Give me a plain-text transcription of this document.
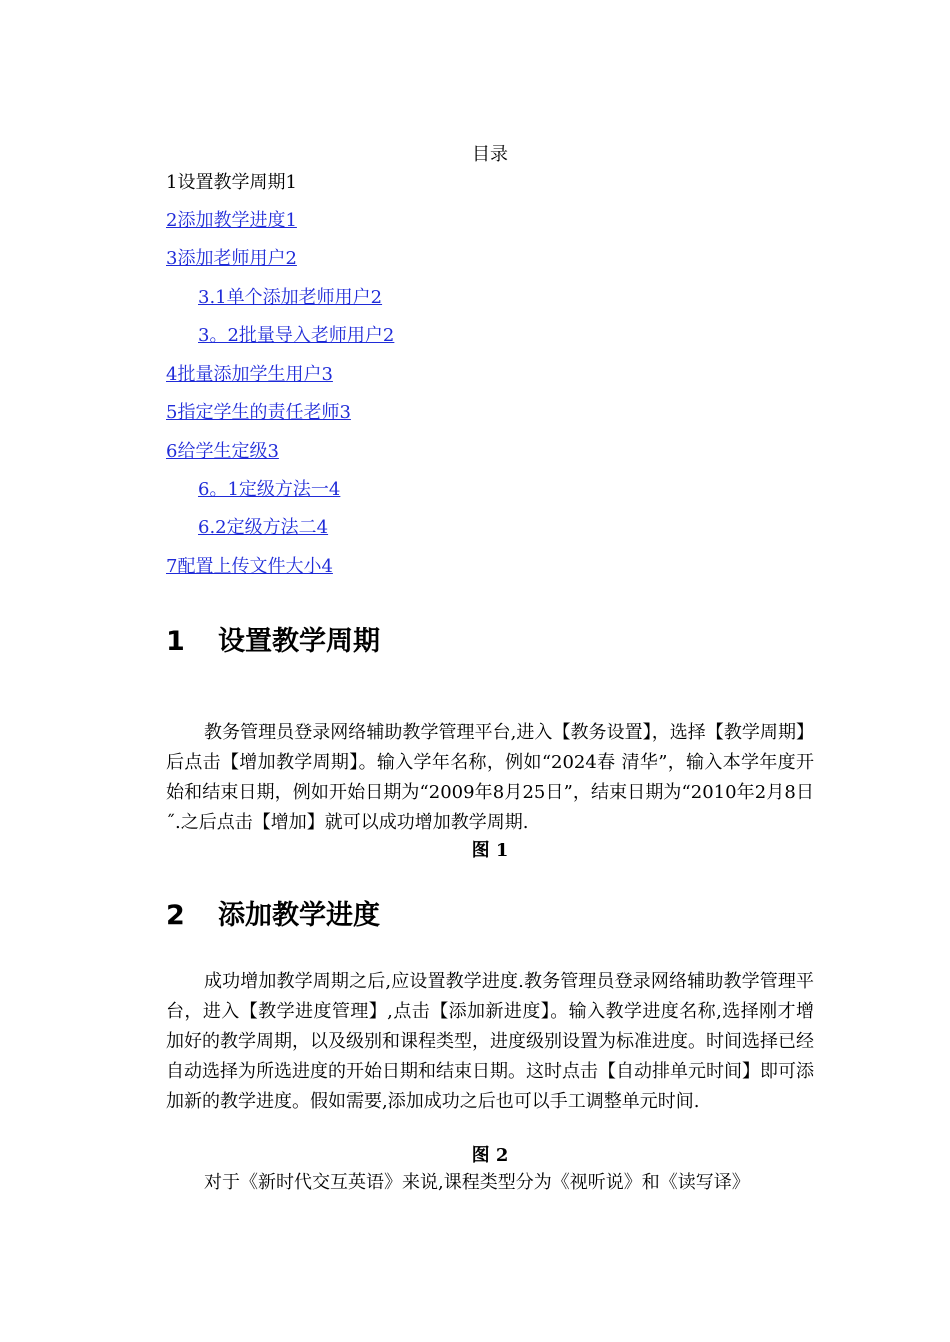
目录
1设置教学周期1
2添加教学进度1
3添加老师用户2
3.1单个添加老师用户2
3。2批量导入老师用户2
4批量添加学生用户3
5指定学生的责任老师3
6给学生定级3
6。1定级方法一4
6.2定级方法二4
7配置上传文件大小4
1 设置教学周期
教务管理员登录网络辅助教学管理平台,进入【教务设置】，选择【教学周期】后点击【增加教学周期】。输入学年名称，例如“2024春 清华”，输入本学年度开始和结束日期，例如开始日期为“2009年8月25日”，结束日期为“2010年2月8日˝.之后点击【增加】就可以成功增加教学周期.
图 1
2 添加教学进度
成功增加教学周期之后,应设置教学进度.教务管理员登录网络辅助教学管理平台，进入【教学进度管理】,点击【添加新进度】。输入教学进度名称,选择刚才增加好的教学周期，以及级别和课程类型，进度级别设置为标准进度。时间选择已经自动选择为所选进度的开始日期和结束日期。这时点击【自动排单元时间】即可添加新的教学进度。假如需要,添加成功之后也可以手工调整单元时间.
图 2
对于《新时代交互英语》来说,课程类型分为《视听说》和《读写译》
